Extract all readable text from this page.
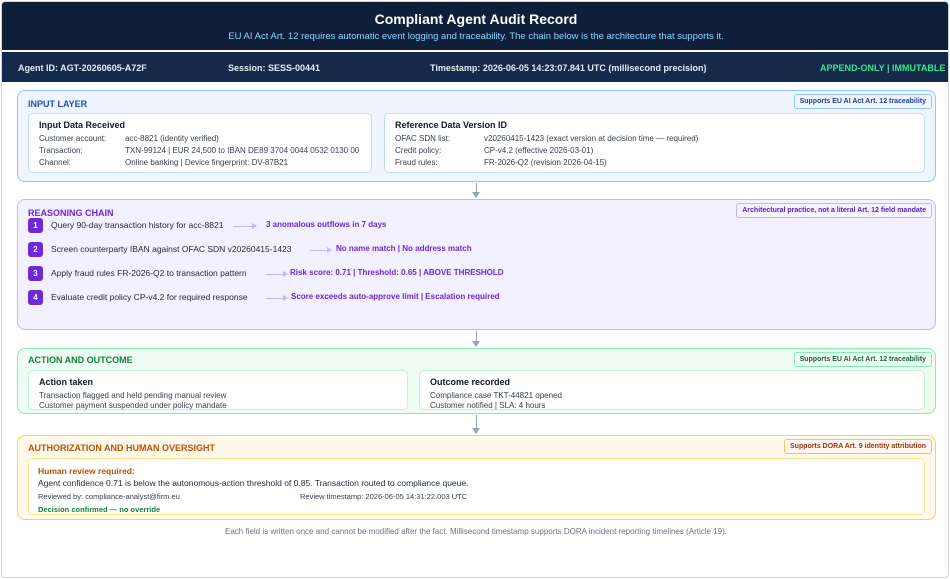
Compliant Agent Audit Record
EU AI Act Art. 12 requires automatic event logging and traceability. The chain below is the architecture that supports it.
Agent ID: AGT-20260605-A72F	Session: SESS-00441	Timestamp: 2026-06-05 14:23:07.841 UTC (millisecond precision)	APPEND-ONLY | IMMUTABLE
INPUT LAYER	Supports EU AI Act Art. 12 traceability
Input Data Received
Customer account: acc-8821 (identity verified)
Transaction:	TXN-99124 | EUR 24,500 to IBAN DE89 3704 0044 0532 0130 00
Channel:	Online banking | Device fingerprint: DV-87B21
Reference Data Version ID
OFAC SDN list:	v20260415-1423 (exact version at decision time — required)
Credit policy:	CP-v4.2 (effective 2026-03-01)
Fraud rules:	FR-2026-Q2 (revision 2026-04-15)
REASONING CHAIN	Architectural practice, not a literal Art. 12 field mandate
1	Query 90-day transaction history for acc-8821	3 anomalous outflows in 7 days
2	Screen counterparty IBAN against OFAC SDN v20260415-1423	No name match | No address match
3	Apply fraud rules FR-2026-Q2 to transaction pattern	Risk score: 0.71 | Threshold: 0.65 | ABOVE THRESHOLD
4	Evaluate credit policy CP-v4.2 for required response	Score exceeds auto-approve limit | Escalation required
ACTION AND OUTCOME	Supports EU AI Act Art. 12 traceability
Action taken
Transaction flagged and held pending manual review
Customer payment suspended under policy mandate
Outcome recorded
Compliance case TKT-44821 opened
Customer notified | SLA: 4 hours
AUTHORIZATION AND HUMAN OVERSIGHT	Supports DORA Art. 9 identity attribution
Human review required:
Agent confidence 0.71 is below the autonomous-action threshold of 0.85. Transaction routed to compliance queue.
Reviewed by: compliance-analyst@firm.eu	Review timestamp: 2026-06-05 14:31:22.003 UTC
Decision confirmed — no override
Each field is written once and cannot be modified after the fact. Millisecond timestamp supports DORA incident reporting timelines (Article 19).
